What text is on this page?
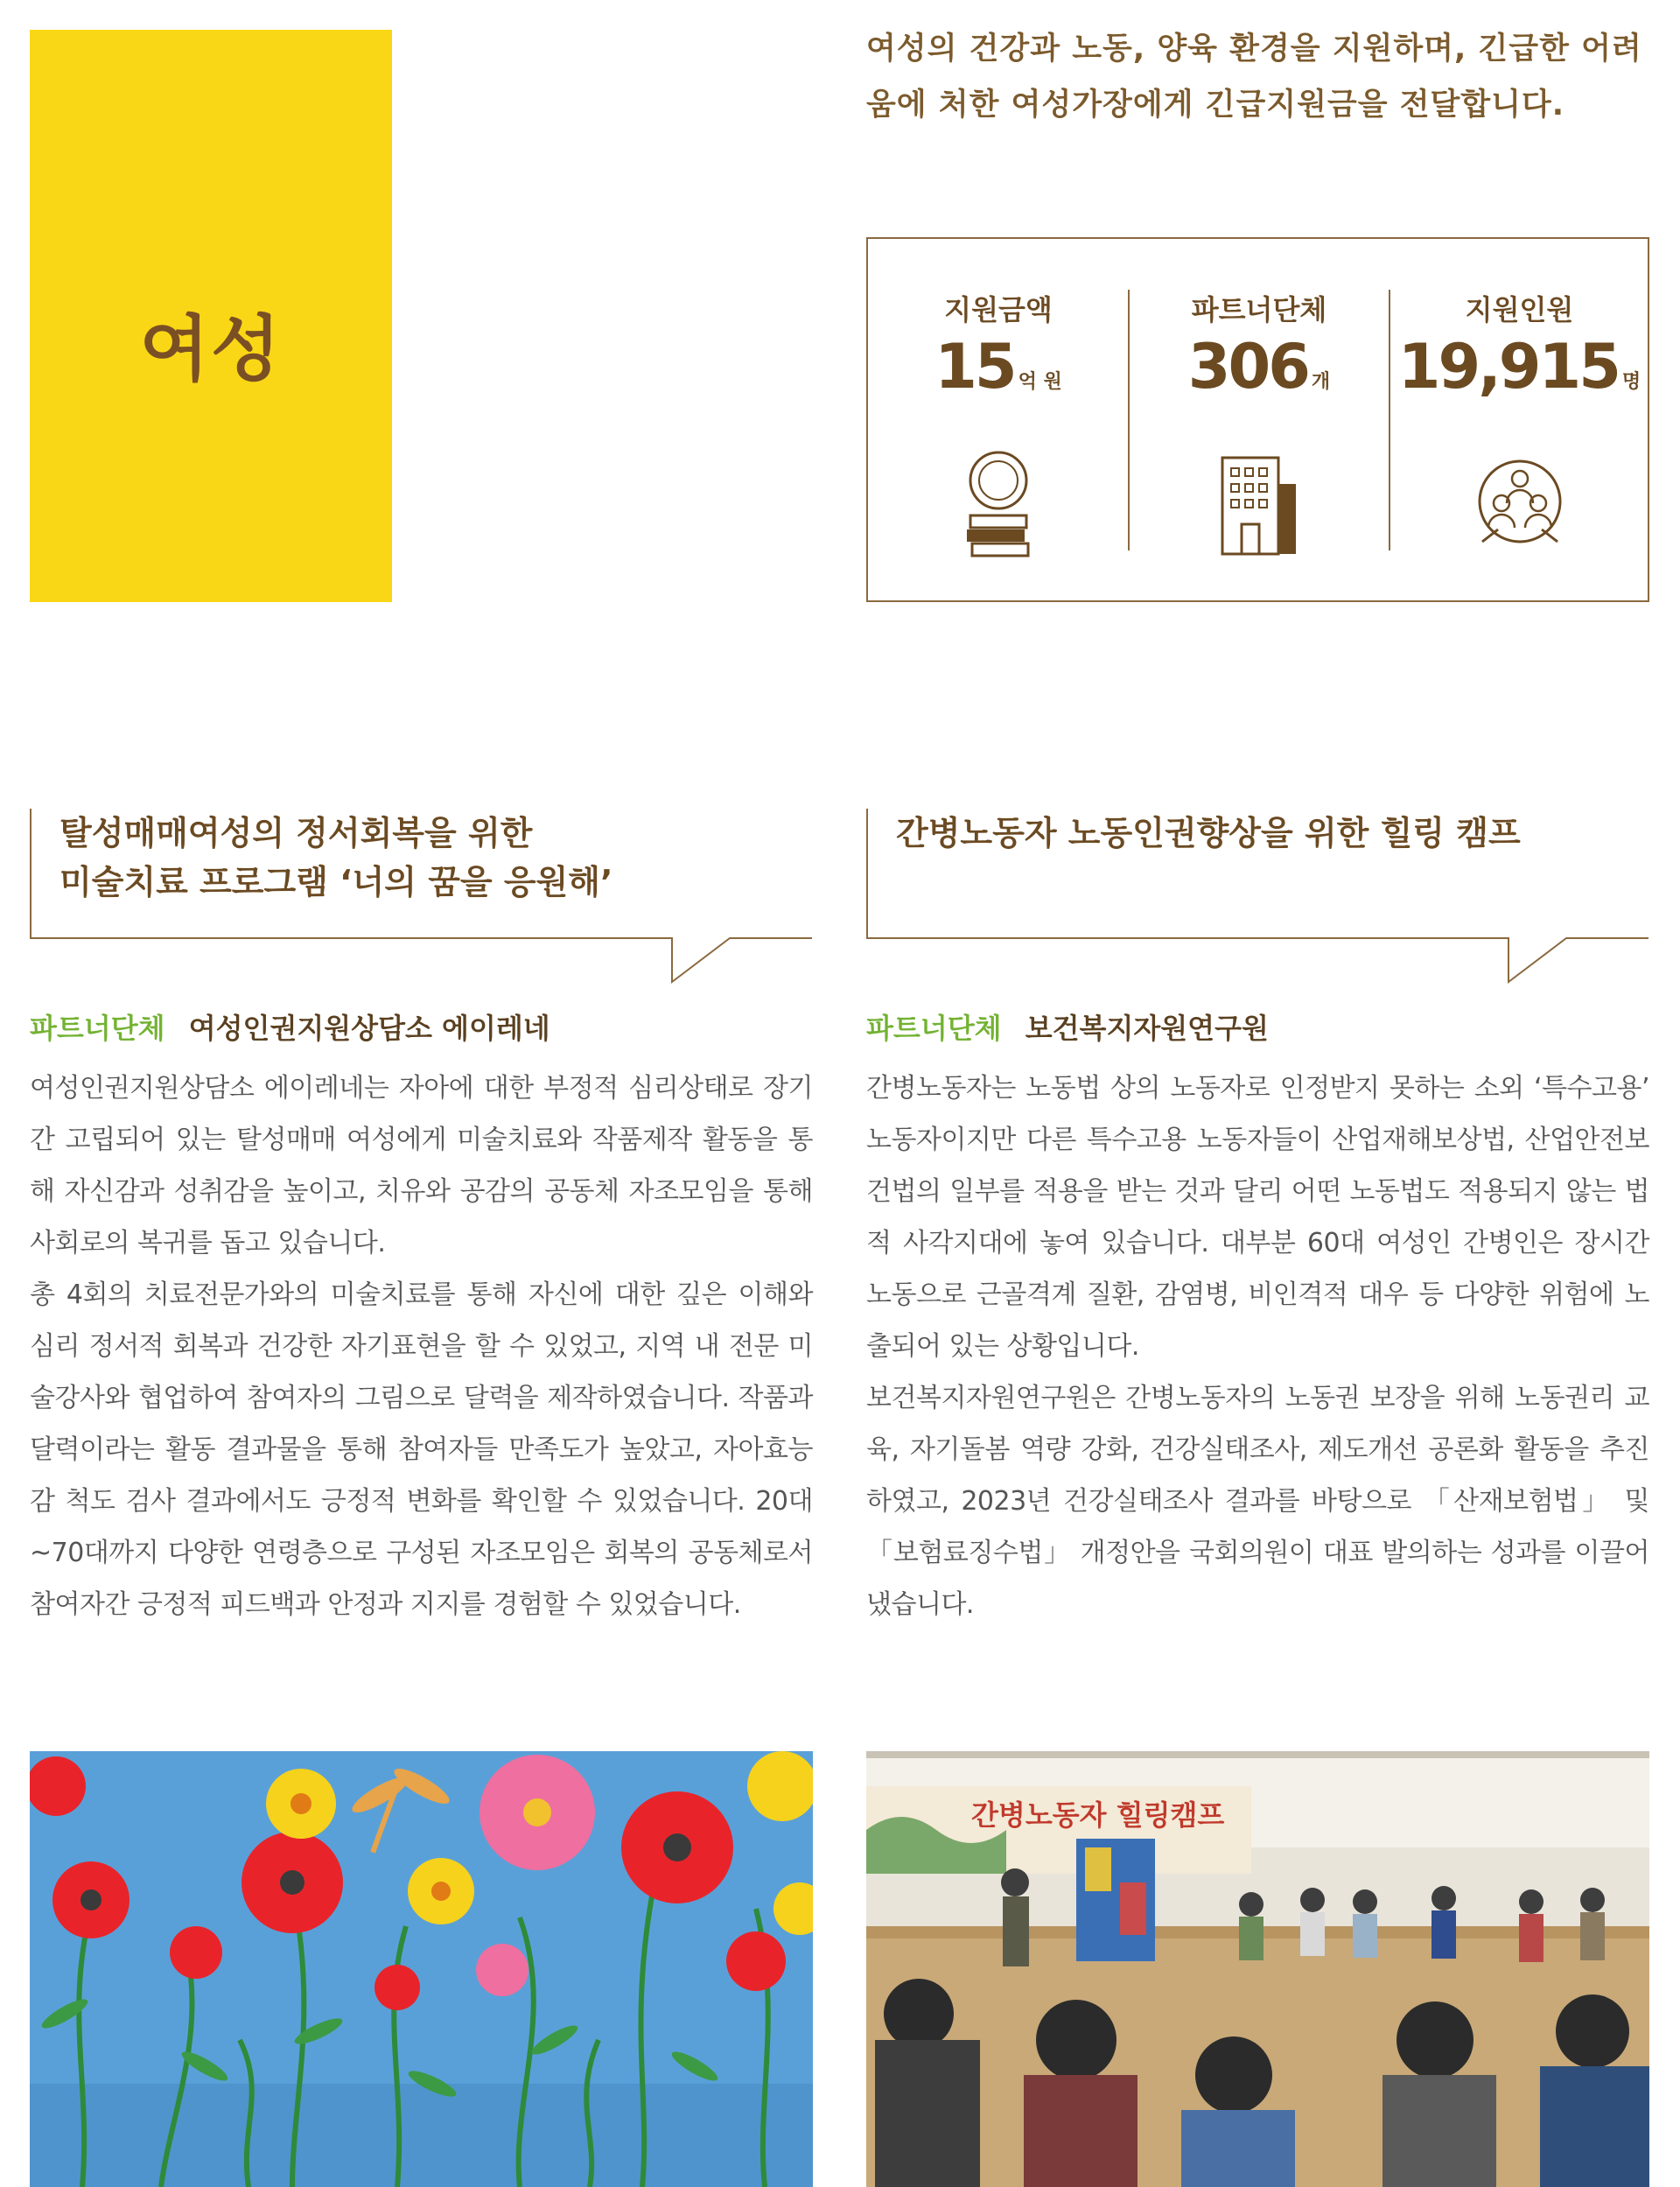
여성
여성의 건강과 노동, 양육 환경을 지원하며, 긴급한 어려움에 처한 여성가장에게 긴급지원금을 전달합니다.
지원금액
15 억 원
파트너단체
306 개
지원인원
19,915 명
탈성매매여성의 정서회복을 위한
미술치료 프로그램 ‘너의 꿈을 응원해’
간병노동자 노동인권향상을 위한 힐링 캠프
파트너단체 여성인권지원상담소 에이레네	파트너단체 보건복지자원연구원

여성인권지원상담소 에이레네는 자아에 대한 부정적 심리상태로 장기간 고립되어 있는 탈성매매 여성에게 미술치료와 작품제작 활동을 통해 자신감과 성취감을 높이고, 치유와 공감의 공동체 자조모임을 통해 사회로의 복귀를 돕고 있습니다.

총 4회의 치료전문가와의 미술치료를 통해 자신에 대한 깊은 이해와 심리 정서적 회복과 건강한 자기표현을 할 수 있었고, 지역 내 전문 미술강사와 협업하여 참여자의 그림으로 달력을 제작하였습니다. 작품과 달력이라는 활동 결과물을 통해 참여자들 만족도가 높았고, 자아효능감 척도 검사 결과에서도 긍정적 변화를 확인할 수 있었습니다. 20대~70대까지 다양한 연령층으로 구성된 자조모임은 회복의 공동체로서 참여자간 긍정적 피드백과 안정과 지지를 경험할 수 있었습니다.

간병노동자는 노동법 상의 노동자로 인정받지 못하는 소외 ‘특수고용’ 노동자이지만 다른 특수고용 노동자들이 산업재해보상법, 산업안전보건법의 일부를 적용을 받는 것과 달리 어떤 노동법도 적용되지 않는 법적 사각지대에 놓여 있습니다. 대부분 60대 여성인 간병인은 장시간 노동으로 근골격계 질환, 감염병, 비인격적 대우 등 다양한 위험에 노출되어 있는 상황입니다.

보건복지자원연구원은 간병노동자의 노동권 보장을 위해 노동권리 교육, 자기돌봄 역량 강화, 건강실태조사, 제도개선 공론화 활동을 추진하였고, 2023년 건강실태조사 결과를 바탕으로 「산재보험법」 및 「보험료징수법」 개정안을 국회의원이 대표 발의하는 성과를 이끌어 냈습니다.

간병노동자 힐링캠프
